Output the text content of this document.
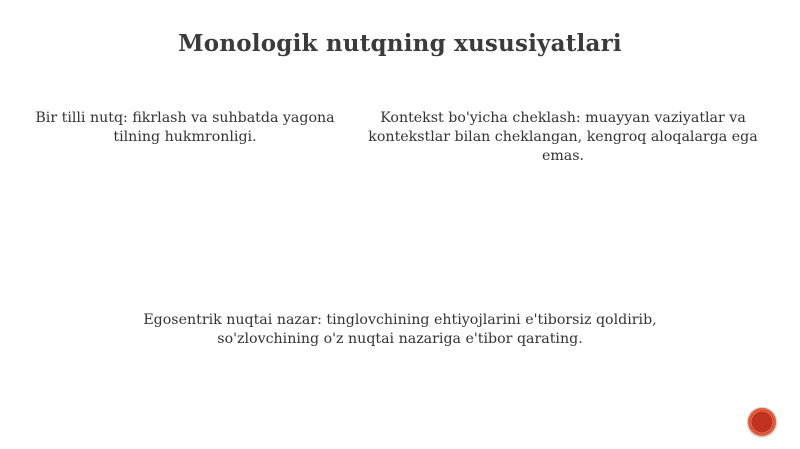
Monologik nutqning xususiyatlari
Bir tilli nutq: fikrlash va suhbatda yagona tilning hukmronligi.
Kontekst bo'yicha cheklash: muayyan vaziyatlar va kontekstlar bilan cheklangan, kengroq aloqalarga ega emas.
Egosentrik nuqtai nazar: tinglovchining ehtiyojlarini e'tiborsiz qoldirib, so'zlovchining o'z nuqtai nazariga e'tibor qarating.
